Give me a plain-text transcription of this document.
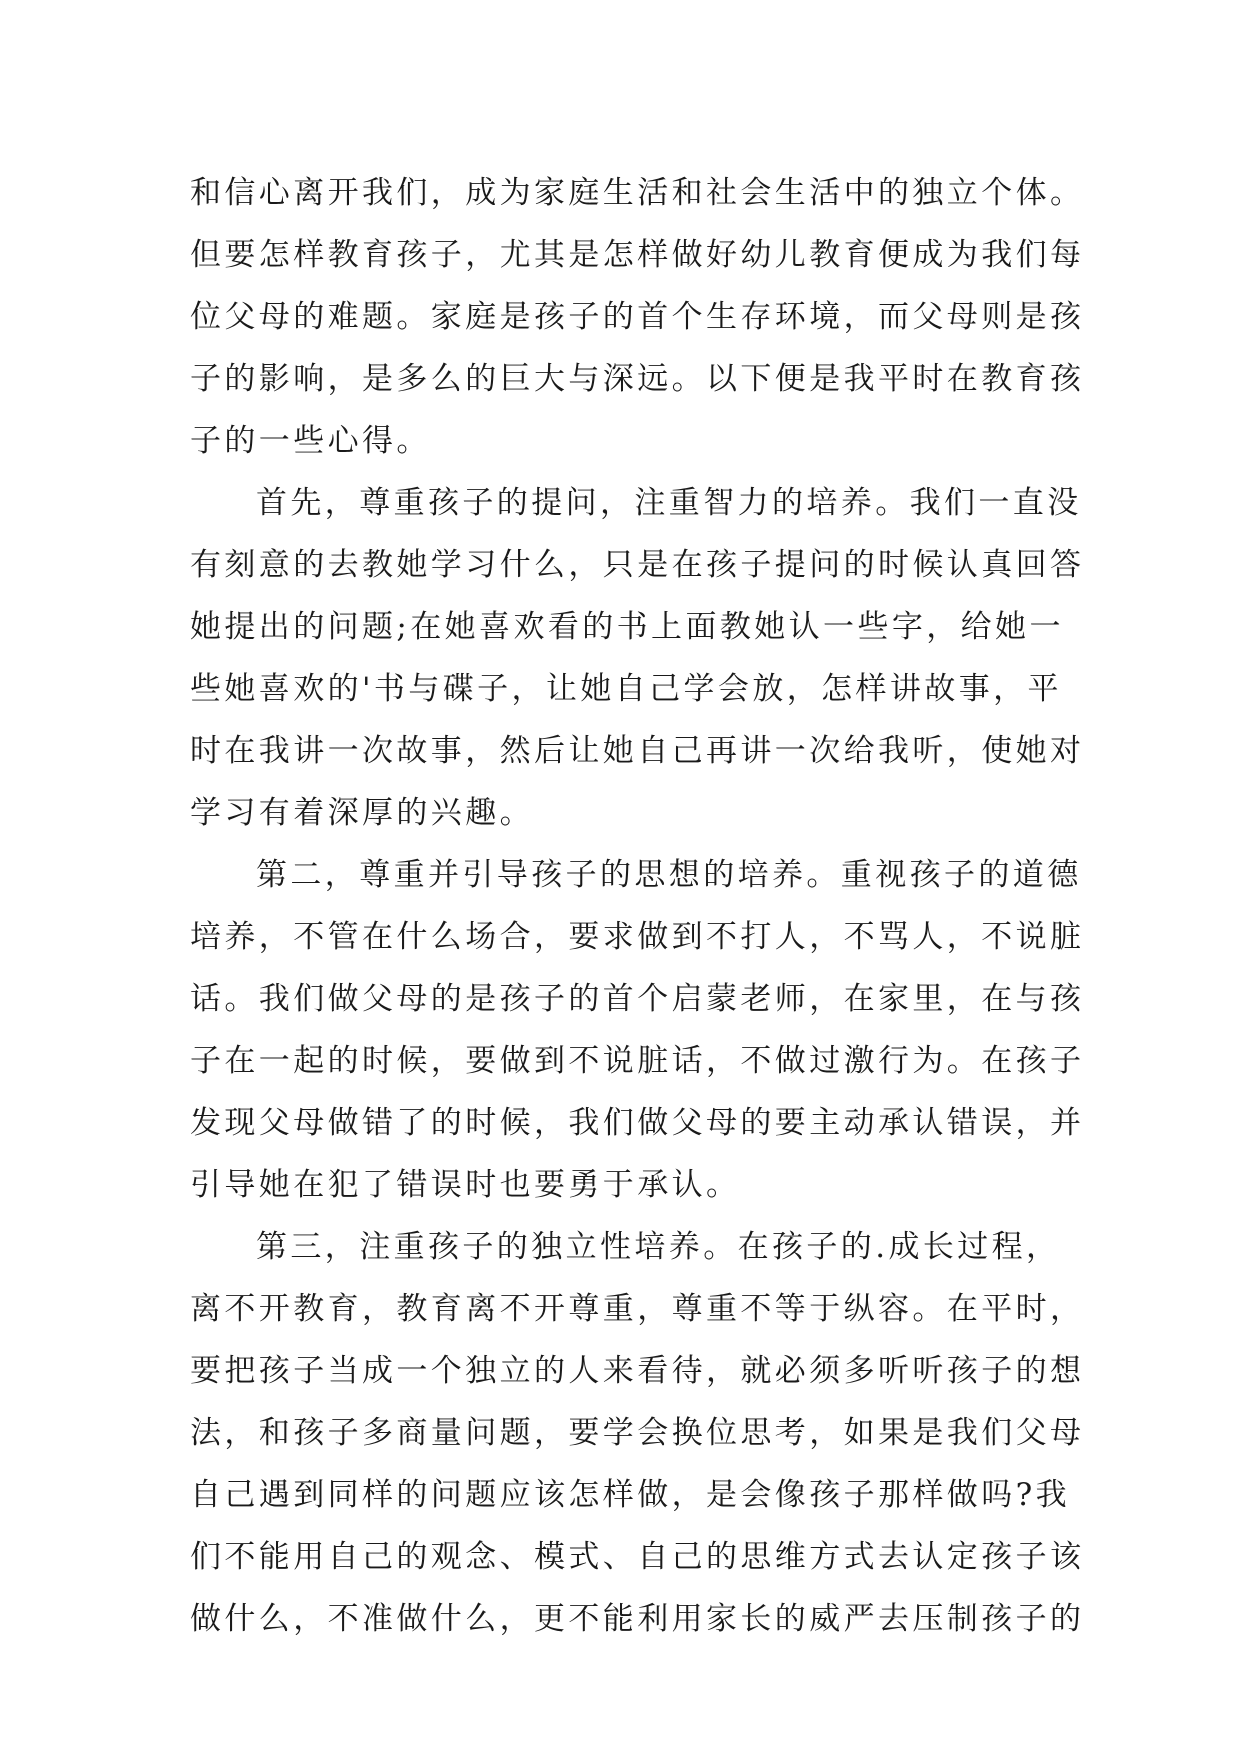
和信心离开我们，成为家庭生活和社会生活中的独立个体。
但要怎样教育孩子，尤其是怎样做好幼儿教育便成为我们每
位父母的难题。家庭是孩子的首个生存环境，而父母则是孩
子的影响，是多么的巨大与深远。以下便是我平时在教育孩
子的一些心得。
首先，尊重孩子的提问，注重智力的培养。我们一直没
有刻意的去教她学习什么，只是在孩子提问的时候认真回答
她提出的问题;在她喜欢看的书上面教她认一些字，给她一
些她喜欢的'书与碟子，让她自己学会放，怎样讲故事，平
时在我讲一次故事，然后让她自己再讲一次给我听，使她对
学习有着深厚的兴趣。
第二，尊重并引导孩子的思想的培养。重视孩子的道德
培养，不管在什么场合，要求做到不打人，不骂人，不说脏
话。我们做父母的是孩子的首个启蒙老师，在家里，在与孩
子在一起的时候，要做到不说脏话，不做过激行为。在孩子
发现父母做错了的时候，我们做父母的要主动承认错误，并
引导她在犯了错误时也要勇于承认。
第三，注重孩子的独立性培养。在孩子的.成长过程，
离不开教育，教育离不开尊重，尊重不等于纵容。在平时，
要把孩子当成一个独立的人来看待，就必须多听听孩子的想
法，和孩子多商量问题，要学会换位思考，如果是我们父母
自己遇到同样的问题应该怎样做，是会像孩子那样做吗?我
们不能用自己的观念、模式、自己的思维方式去认定孩子该
做什么，不准做什么，更不能利用家长的威严去压制孩子的
